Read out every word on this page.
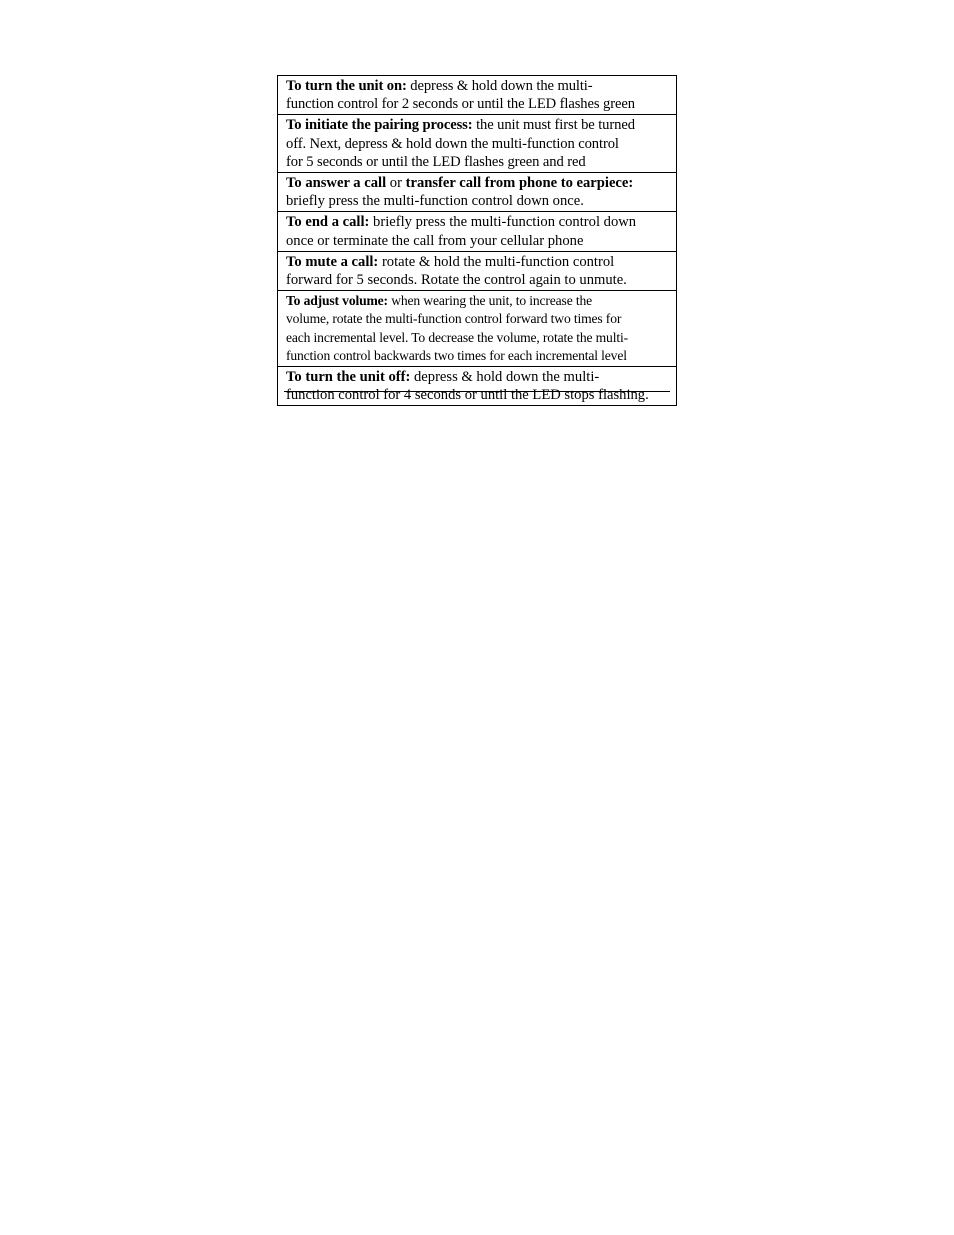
To turn the unit on: depress & hold down the multi-
function control for 2 seconds or until the LED flashes green
To initiate the pairing process: the unit must first be turned
off. Next, depress & hold down the multi-function control
for 5 seconds or until the LED flashes green and red
To answer a call or transfer call from phone to earpiece:
briefly press the multi-function control down once.
To end a call: briefly press the multi-function control down
once or terminate the call from your cellular phone
To mute a call: rotate & hold the multi-function control
forward for 5 seconds. Rotate the control again to unmute.
To adjust volume: when wearing the unit, to increase the
volume, rotate the multi-function control forward two times for
each incremental level. To decrease the volume, rotate the multi-
function control backwards two times for each incremental level
To turn the unit off: depress & hold down the multi-
function control for 4 seconds or until the LED stops flashing.
